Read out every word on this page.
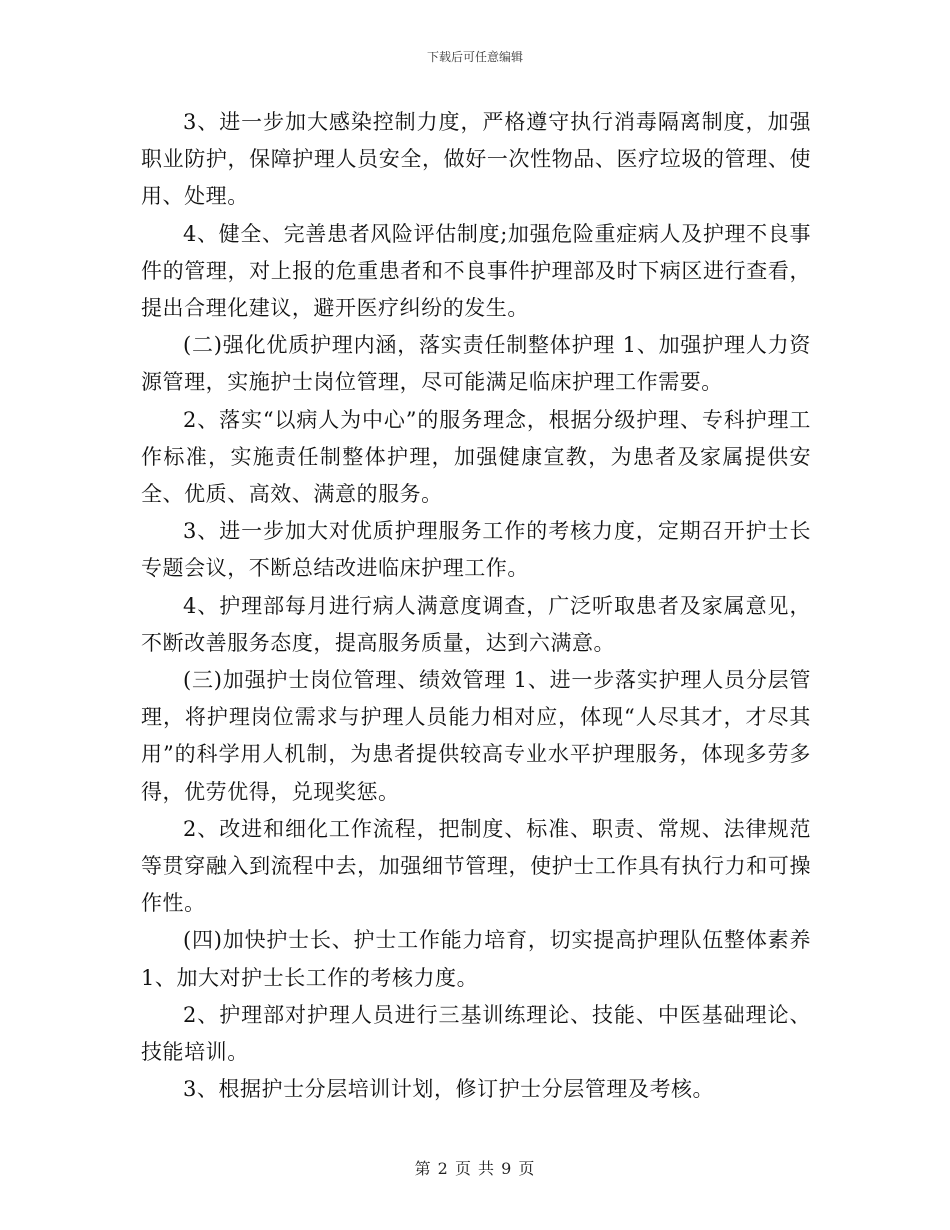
下载后可任意编辑

3、进一步加大感染控制力度，严格遵守执行消毒隔离制度，加强职业防护，保障护理人员安全，做好一次性物品、医疗垃圾的管理、使用、处理。

4、健全、完善患者风险评估制度;加强危险重症病人及护理不良事件的管理，对上报的危重患者和不良事件护理部及时下病区进行查看，提出合理化建议，避开医疗纠纷的发生。

(二)强化优质护理内涵，落实责任制整体护理 1、加强护理人力资源管理，实施护士岗位管理，尽可能满足临床护理工作需要。

2、落实“以病人为中心”的服务理念，根据分级护理、专科护理工作标准，实施责任制整体护理，加强健康宣教，为患者及家属提供安全、优质、高效、满意的服务。

3、进一步加大对优质护理服务工作的考核力度，定期召开护士长专题会议，不断总结改进临床护理工作。

4、护理部每月进行病人满意度调查，广泛听取患者及家属意见，不断改善服务态度，提高服务质量，达到六满意。

(三)加强护士岗位管理、绩效管理 1、进一步落实护理人员分层管理，将护理岗位需求与护理人员能力相对应，体现“人尽其才，才尽其用”的科学用人机制，为患者提供较高专业水平护理服务，体现多劳多得，优劳优得，兑现奖惩。

2、改进和细化工作流程，把制度、标准、职责、常规、法律规范等贯穿融入到流程中去，加强细节管理，使护士工作具有执行力和可操作性。

(四)加快护士长、护士工作能力培育，切实提高护理队伍整体素养 1、加大对护士长工作的考核力度。

2、护理部对护理人员进行三基训练理论、技能、中医基础理论、技能培训。

3、根据护士分层培训计划，修订护士分层管理及考核。

第 2 页 共 9 页
